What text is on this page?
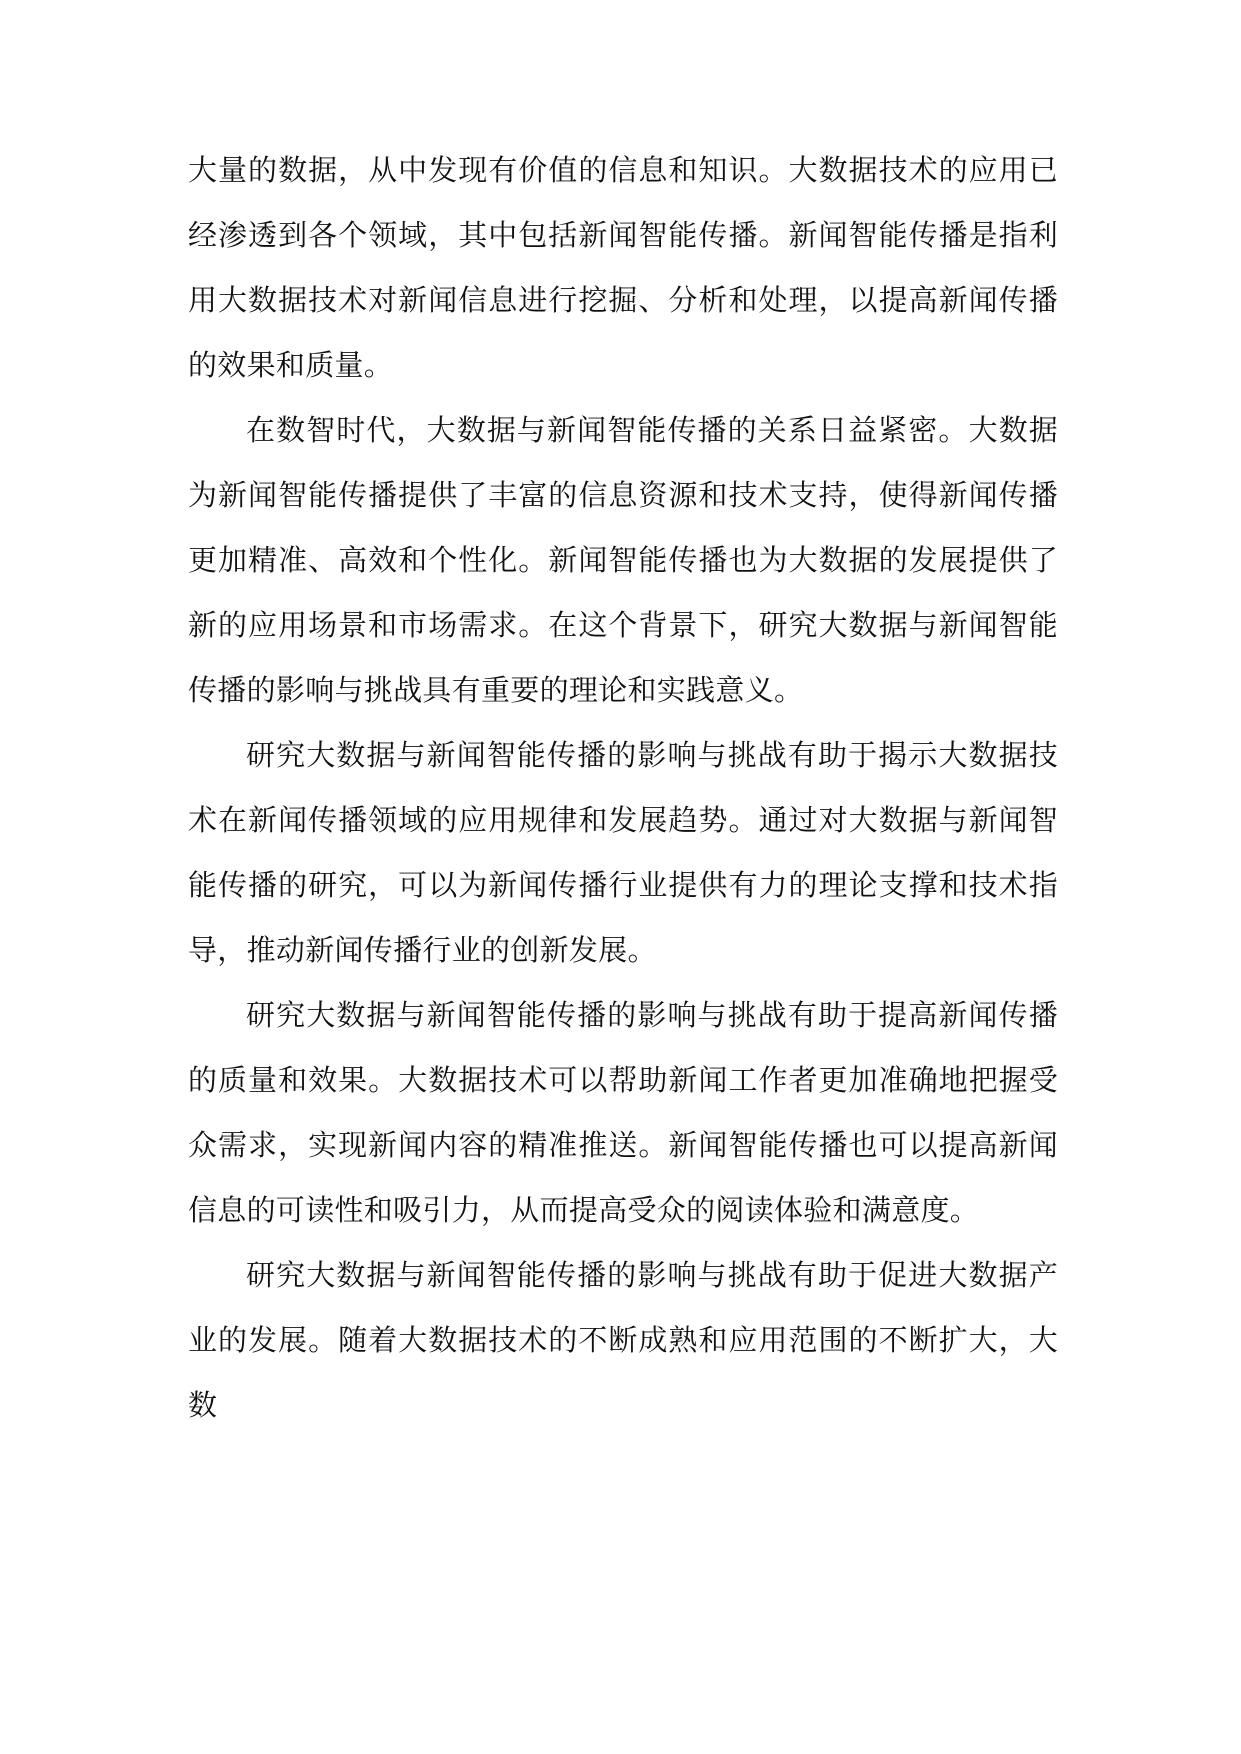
大量的数据，从中发现有价值的信息和知识。大数据技术的应用已经渗透到各个领域，其中包括新闻智能传播。新闻智能传播是指利用大数据技术对新闻信息进行挖掘、分析和处理，以提高新闻传播的效果和质量。

在数智时代，大数据与新闻智能传播的关系日益紧密。大数据为新闻智能传播提供了丰富的信息资源和技术支持，使得新闻传播更加精准、高效和个性化。新闻智能传播也为大数据的发展提供了新的应用场景和市场需求。在这个背景下，研究大数据与新闻智能传播的影响与挑战具有重要的理论和实践意义。

研究大数据与新闻智能传播的影响与挑战有助于揭示大数据技术在新闻传播领域的应用规律和发展趋势。通过对大数据与新闻智能传播的研究，可以为新闻传播行业提供有力的理论支撑和技术指导，推动新闻传播行业的创新发展。

研究大数据与新闻智能传播的影响与挑战有助于提高新闻传播的质量和效果。大数据技术可以帮助新闻工作者更加准确地把握受众需求，实现新闻内容的精准推送。新闻智能传播也可以提高新闻信息的可读性和吸引力，从而提高受众的阅读体验和满意度。

研究大数据与新闻智能传播的影响与挑战有助于促进大数据产业的发展。随着大数据技术的不断成熟和应用范围的不断扩大，大数
